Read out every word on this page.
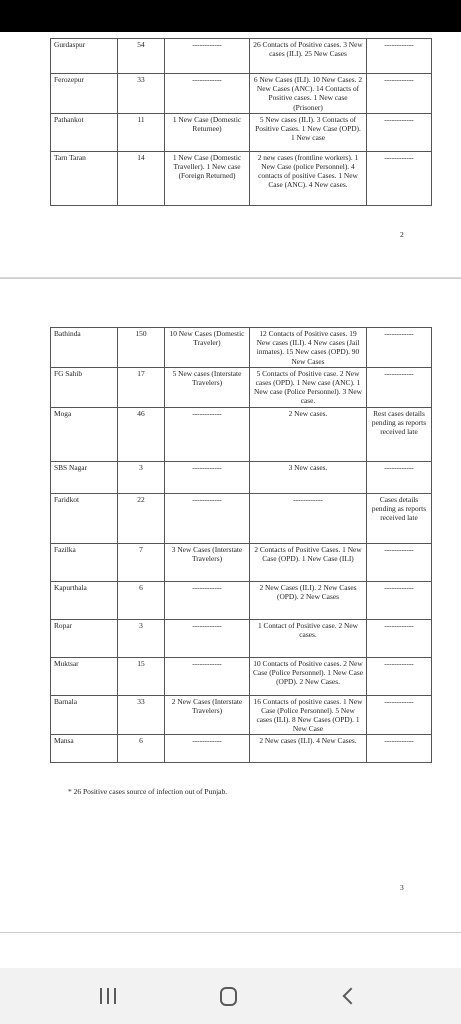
Gurdaspur	54	------------	26 Contacts of Positive cases. 3 New cases (ILI). 25 New Cases	------------
Ferozepur	33	------------	6 New Cases (ILI). 10 New Cases. 2 New Cases (ANC). 14 Contacts of Positive cases. 1 New case (Prisoner)	------------
Pathankot	11	1 New Case (Domestic Returnee)	5 New cases (ILI). 3 Contacts of Positive Cases. 1 New Case (OPD). 1 New case	------------
Tarn Taran	14	1 New Case (Domestic Traveller). 1 New case (Foreign Returned)	2 new cases (frontline workers). 1 New Case (police Personnel). 4 contacts of positive Cases. 1 New Case (ANC). 4 New cases.	------------
2
Bathinda	150	10 New Cases (Domestic Traveler)	12 Contacts of Positive cases. 19 New cases (ILI). 4 New cases (Jail inmates). 15 New cases (OPD). 90 New Cases	------------
FG Sahib	17	5 New cases (Interstate Travelers)	5 Contacts of Positive case. 2 New cases (OPD). 1 New case (ANC). 1 New case (Police Personnel). 3 New case.	------------
Moga	46	------------	2 New cases.	Rest cases details pending as reports received late
SBS Nagar	3	------------	3 New cases.	------------
Faridkot	22	------------	------------	Cases details pending as reports received late
Fazilka	7	3 New Cases (Interstate Travelers)	2 Contacts of Positive Cases. 1 New Case (OPD). 1 New Case (ILI)	------------
Kapurthala	6	------------	2 New Cases (ILI). 2 New Cases (OPD). 2 New Cases	------------
Ropar	3	------------	1 Contact of Positive case. 2 New cases.	------------
Muktsar	15	------------	10 Contacts of Positive cases. 2 New Case (Police Personnel). 1 New Case (OPD). 2 New Cases.	------------
Barnala	33	2 New Cases (Interstate Travelers)	16 Contacts of positive cases. 1 New Case (Police Personnel). 5 New cases (ILI). 8 New Cases (OPD). 1 New Case	------------
Mansa	6	------------	2 New cases (ILI). 4 New Cases.	------------
* 26 Positive cases source of infection out of Punjab.
3
